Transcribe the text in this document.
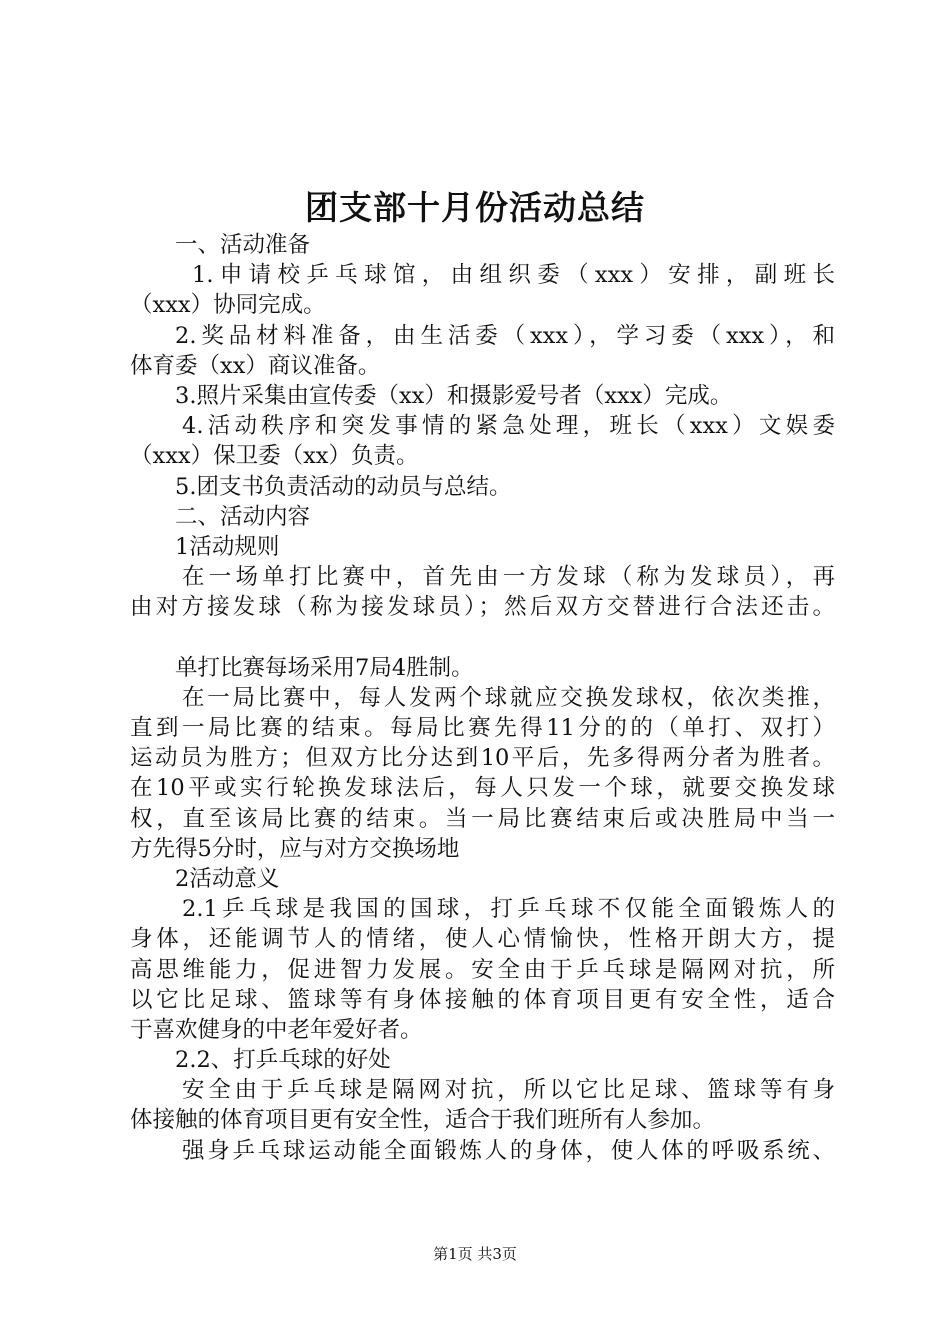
团支部十月份活动总结
一、活动准备
1.申请校乒乓球馆，由组织委（xxx）安排，副班长
（xxx）协同完成。
2.奖品材料准备，由生活委（xxx），学习委（xxx），和
体育委（xx）商议准备。
3.照片采集由宣传委（xx）和摄影爱号者（xxx）完成。
4.活动秩序和突发事情的紧急处理，班长（xxx）文娱委
（xxx）保卫委（xx）负责。
5.团支书负责活动的动员与总结。
二、活动内容
1活动规则
在一场单打比赛中，首先由一方发球（称为发球员），再
由对方接发球（称为接发球员）；然后双方交替进行合法还击。
单打比赛每场采用7局4胜制。
在一局比赛中，每人发两个球就应交换发球权，依次类推，
直到一局比赛的结束。每局比赛先得11分的的（单打、双打）
运动员为胜方；但双方比分达到10平后，先多得两分者为胜者。
在10平或实行轮换发球法后，每人只发一个球，就要交换发球
权，直至该局比赛的结束。当一局比赛结束后或决胜局中当一
方先得5分时，应与对方交换场地
2活动意义
2.1乒乓球是我国的国球，打乒乓球不仅能全面锻炼人的
身体，还能调节人的情绪，使人心情愉快，性格开朗大方，提
高思维能力，促进智力发展。安全由于乒乓球是隔网对抗，所
以它比足球、篮球等有身体接触的体育项目更有安全性，适合
于喜欢健身的中老年爱好者。
2.2、打乒乓球的好处
安全由于乒乓球是隔网对抗，所以它比足球、篮球等有身
体接触的体育项目更有安全性，适合于我们班所有人参加。
强身乒乓球运动能全面锻炼人的身体，使人体的呼吸系统、
第1页 共3页
